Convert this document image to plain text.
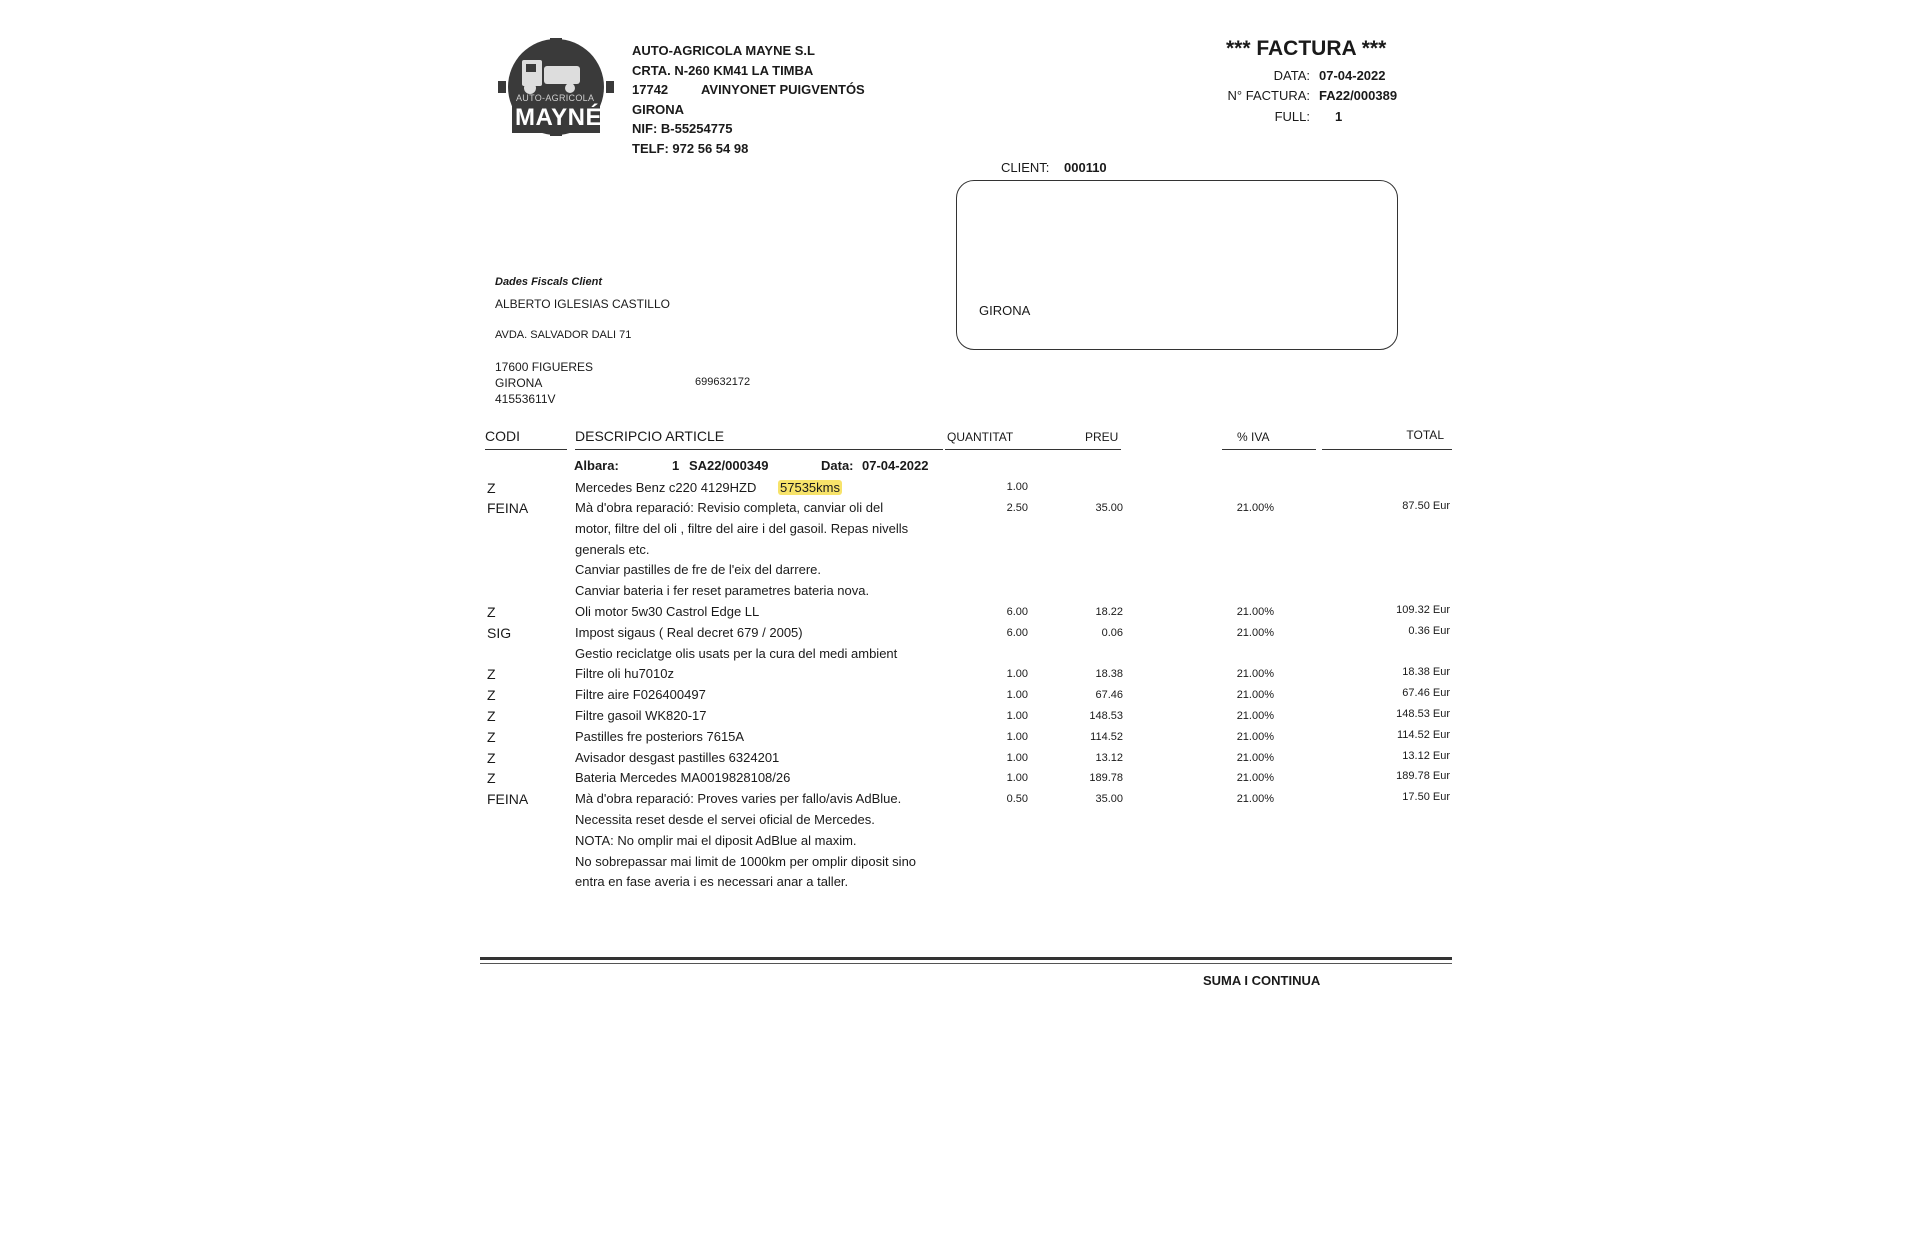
AUTO-AGRICOLA
MAYNÉ
AUTO-AGRICOLA MAYNE S.L
CRTA. N-260 KM41 LA TIMBA
17742	AVINYONET PUIGVENTÓS
GIRONA
NIF: B-55254775
TELF: 972 56 54 98
*** FACTURA ***
DATA: 07-04-2022
N° FACTURA: FA22/000389
FULL: 1
CLIENT: 000110
GIRONA
Dades Fiscals Client
ALBERTO IGLESIAS CASTILLO
AVDA. SALVADOR DALI 71
17600 FIGUERES
GIRONA	699632172
41553611V
CODI	DESCRIPCIO ARTICLE	QUANTITAT	PREU	% IVA	TOTAL
Albara:	1 SA22/000349	Data: 07-04-2022
Z	Mercedes Benz c220 4129HZD 57535kms	1.00
FEINA	Mà d'obra reparació: Revisio completa, canviar oli del	2.50	35.00	21.00%	87.50 Eur
motor, filtre del oli , filtre del aire i del gasoil. Repas nivells
generals etc.
Canviar pastilles de fre de l'eix del darrere.
Canviar bateria i fer reset parametres bateria nova.
Z	Oli motor 5w30 Castrol Edge LL	6.00	18.22	21.00%	109.32 Eur
SIG	Impost sigaus ( Real decret 679 / 2005)	6.00	0.06	21.00%	0.36 Eur
Gestio reciclatge olis usats per la cura del medi ambient
Z	Filtre oli hu7010z	1.00	18.38	21.00%	18.38 Eur
Z	Filtre aire F026400497	1.00	67.46	21.00%	67.46 Eur
Z	Filtre gasoil WK820-17	1.00	148.53	21.00%	148.53 Eur
Z	Pastilles fre posteriors 7615A	1.00	114.52	21.00%	114.52 Eur
Z	Avisador desgast pastilles 6324201	1.00	13.12	21.00%	13.12 Eur
Z	Bateria Mercedes MA0019828108/26	1.00	189.78	21.00%	189.78 Eur
FEINA	Mà d'obra reparació: Proves varies per fallo/avis AdBlue.	0.50	35.00	21.00%	17.50 Eur
Necessita reset desde el servei oficial de Mercedes.
NOTA: No omplir mai el diposit AdBlue al maxim.
No sobrepassar mai limit de 1000km per omplir diposit sino
entra en fase averia i es necessari anar a taller.
SUMA I CONTINUA
